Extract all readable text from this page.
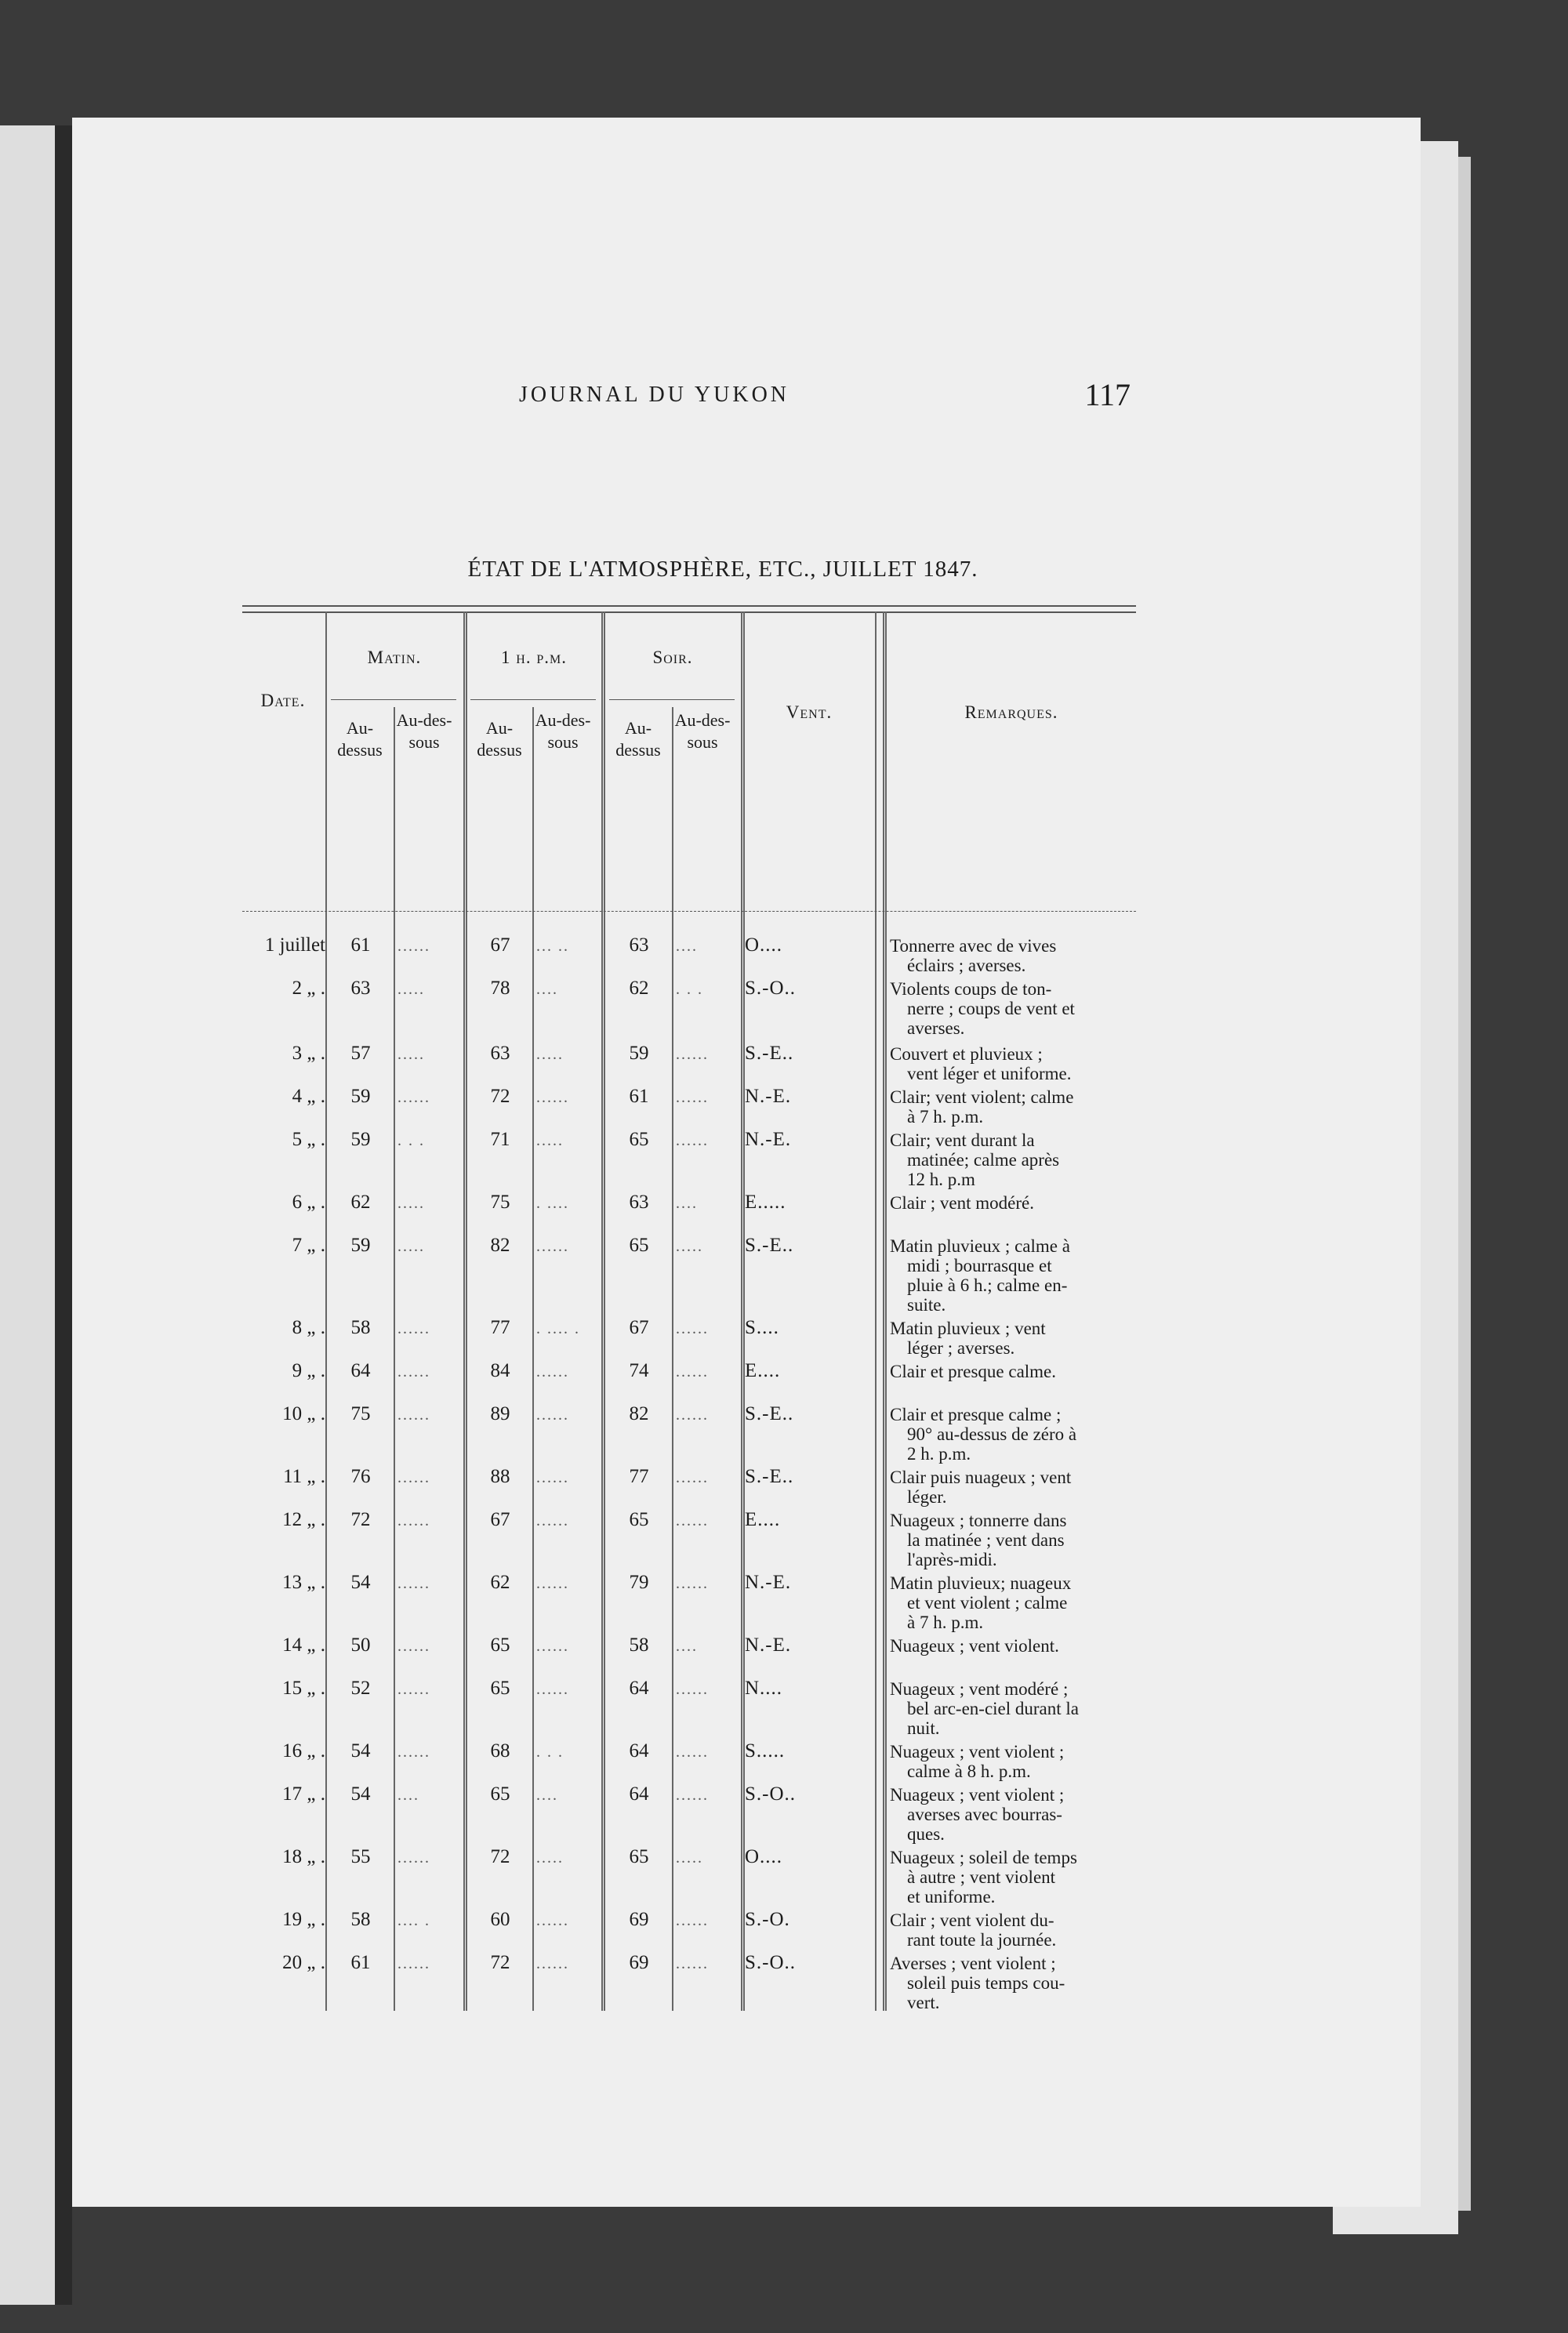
JOURNAL DU YUKON	117
ÉTAT DE L'ATMOSPHÈRE, ETC., JUILLET 1847.
Date.
Matin.	1 h. p.m.	Soir.
Vent.	Remarques.
Au-dessus
Au-des-sous
Au-dessus
Au-des-sous
Au-dessus
Au-des-sous
1 juillet	61	......	67	... ..	63	....	O....	Tonnerre avec de vives
éclairs ; averses.
2 „ .	63	.....	78	....	62	. . .	S.-O..	Violents coups de ton-
nerre ; coups de vent et
averses.
3 „ .	57	.....	63	.....	59	......	S.-E..	Couvert et pluvieux ;
vent léger et uniforme.
4 „ .	59	......	72	......	61	......	N.-E.	Clair; vent violent; calme
à 7 h. p.m.
5 „ .	59	. . .	71	.....	65	......	N.-E.	Clair; vent durant la
matinée; calme après
12 h. p.m
6 „ .	62	.....	75	. ....	63	....	E.....	Clair ; vent modéré.
7 „ .	59	.....	82	......	65	.....	S.-E..	Matin pluvieux ; calme à
midi ; bourrasque et
pluie à 6 h.; calme en-
suite.
8 „ .	58	......	77	. .... .	67	......	S....	Matin pluvieux ; vent
léger ; averses.
9 „ .	64	......	84	......	74	......	E....	Clair et presque calme.
10 „ .	75	......	89	......	82	......	S.-E..	Clair et presque calme ;
90° au-dessus de zéro à
2 h. p.m.
11 „ .	76	......	88	......	77	......	S.-E..	Clair puis nuageux ; vent
léger.
12 „ .	72	......	67	......	65	......	E....	Nuageux ; tonnerre dans
la matinée ; vent dans
l'après-midi.
13 „ .	54	......	62	......	79	......	N.-E.	Matin pluvieux; nuageux
et vent violent ; calme
à 7 h. p.m.
14 „ .	50	......	65	......	58	....	N.-E.	Nuageux ; vent violent.
15 „ .	52	......	65	......	64	......	N....	Nuageux ; vent modéré ;
bel arc-en-ciel durant la
nuit.
16 „ .	54	......	68	. . .	64	......	S.....	Nuageux ; vent violent ;
calme à 8 h. p.m.
17 „ .	54	....	65	....	64	......	S.-O..	Nuageux ; vent violent ;
averses avec bourras-
ques.
18 „ .	55	......	72	.....	65	.....	O....	Nuageux ; soleil de temps
à autre ; vent violent
et uniforme.
19 „ .	58	.... .	60	......	69	......	S.-O.	Clair ; vent violent du-
rant toute la journée.
20 „ .	61	......	72	......	69	......	S.-O..	Averses ; vent violent ;
soleil puis temps cou-
vert.
